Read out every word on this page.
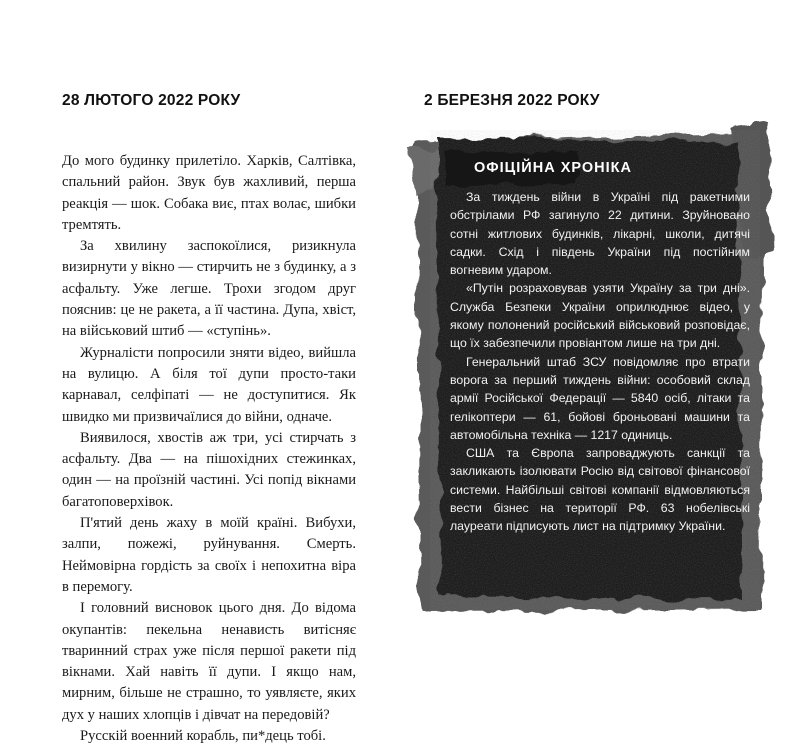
28 ЛЮТОГО 2022 РОКУ

До мого будинку прилетіло. Харків, Салтівка, спальний район. Звук був жахливий, перша реакція — шок. Собака виє, птах волає, шибки тремтять.

За хвилину заспокоїлися, ризикнула визирнути у вікно — стирчить не з будинку, а з асфальту. Уже легше. Трохи згодом друг пояснив: це не ракета, а її частина. Дупа, хвіст, на військовий штиб — «ступінь».

Журналісти попросили зняти відео, вийшла на вулицю. А біля тої дупи просто-таки карнавал, селфіпаті — не доступитися. Як швидко ми призвичаїлися до війни, одначе.

Виявилося, хвостів аж три, усі стирчать з асфальту. Два — на пішохідних стежинках, один — на проїзній частині. Усі попід вікнами багатоповерхівок.

П'ятий день жаху в моїй країні. Вибухи, залпи, пожежі, руйнування. Смерть. Неймовірна гордість за своїх і непохитна віра в перемогу.

І головний висновок цього дня. До відома окупантів: пекельна ненависть витісняє тваринний страх уже після першої ракети під вікнами. Хай навіть її дупи. І якщо нам, мирним, більше не страшно, то уявляєте, яких дух у наших хлопців і дівчат на передовій?

Русскій военний корабль, пи*дець тобі.

2 БЕРЕЗНЯ 2022 РОКУ
ОФІЦІЙНА ХРОНІКА

За тиждень війни в Україні під ракетними обстрілами РФ загинуло 22 дитини. Зруйновано сотні житлових будинків, лікарні, школи, дитячі садки. Схід і південь України під постійним вогневим ударом.

«Путін розраховував узяти Україну за три дні». Служба Безпеки України оприлюднює відео, у якому полонений російський військовий розповідає, що їх забезпечили провіантом лише на три дні.

Генеральний штаб ЗСУ повідомляє про втрати ворога за перший тиждень війни: особовий склад армії Російської Федерації — 5840 осіб, літаки та гелікоптери — 61, бойові броньовані машини та автомобільна техніка — 1217 одиниць.

США та Європа запроваджують санкції та закликають ізолювати Росію від світової фінансової системи. Найбільші світові компанії відмовляються вести бізнес на території РФ. 63 нобелівські лауреати підписують лист на підтримку України.
